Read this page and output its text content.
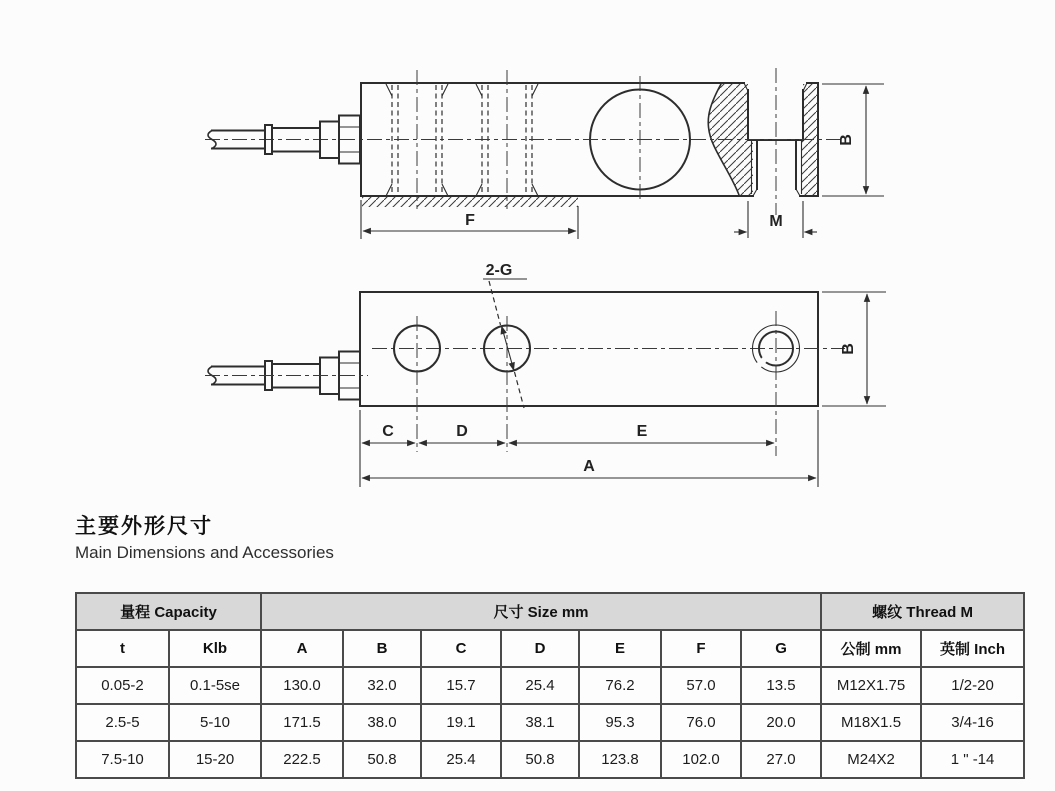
F	M
B
2-G
C	D	E
A
B
主要外形尺寸
Main Dimensions and Accessories
量程 Capacity		尺寸 Size mm							螺纹 Thread M	
t	Klb	A	B	C	D	E	F	G	公制 mm	英制 Inch
0.05-2	0.1-5se	130.0	32.0	15.7	25.4	76.2	57.0	13.5	M12X1.75	1/2-20
2.5-5	5-10	171.5	38.0	19.1	38.1	95.3	76.0	20.0	M18X1.5	3/4-16
7.5-10	15-20	222.5	50.8	25.4	50.8	123.8	102.0	27.0	M24X2	1 " -14
